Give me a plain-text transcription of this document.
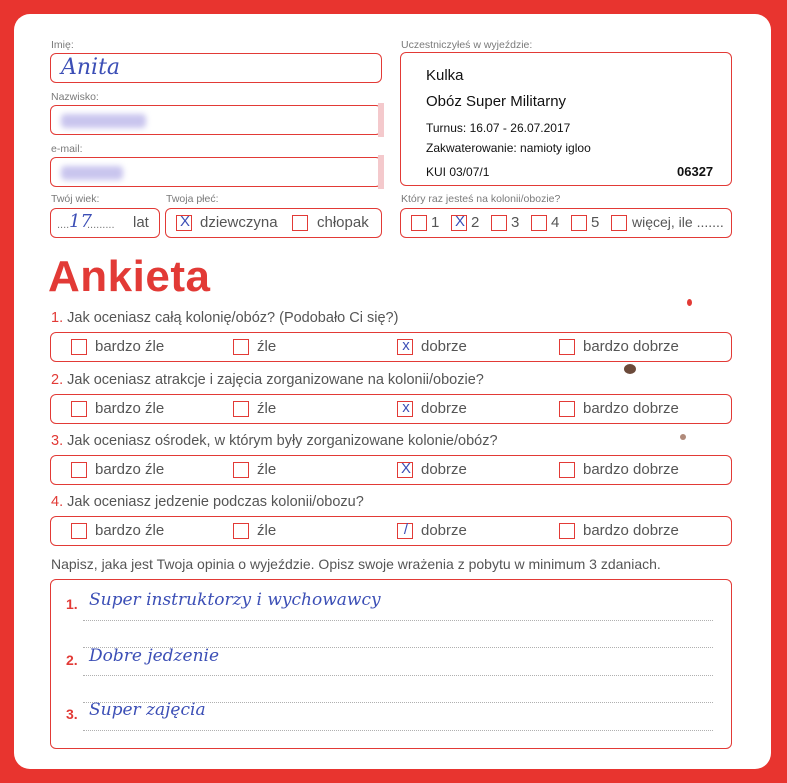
Imię:
Anita
Nazwisko:
e-mail:
Twój wiek:
.... 17
......... lat
Twoja płeć:
X dziewczyna	chłopak
Uczestniczyłeś w wyjeździe:
Kulka
Obóz Super Militarny
Turnus: 16.07 - 26.07.2017
Zakwaterowanie: namioty igloo
KUI 03/07/1	06327
Który raz jesteś na kolonii/obozie?
1 X 2 3 4 5 więcej, ile .......
Ankieta
1. Jak oceniasz całą kolonię/obóz? (Podobało Ci się?)
bardzo źle	źle	x dobrze	bardzo dobrze
2. Jak oceniasz atrakcje i zajęcia zorganizowane na kolonii/obozie?
bardzo źle	źle	x dobrze	bardzo dobrze
3. Jak oceniasz ośrodek, w którym były zorganizowane kolonie/obóz?
bardzo źle	źle	X dobrze	bardzo dobrze
4. Jak oceniasz jedzenie podczas kolonii/obozu?
bardzo źle	źle	/ dobrze	bardzo dobrze
Napisz, jaka jest Twoja opinia o wyjeździe. Opisz swoje wrażenia z pobytu w minimum 3 zdaniach.
1. Super instruktorzy i wychowawcy
2. Dobre jedzenie
3. Super zajęcia
